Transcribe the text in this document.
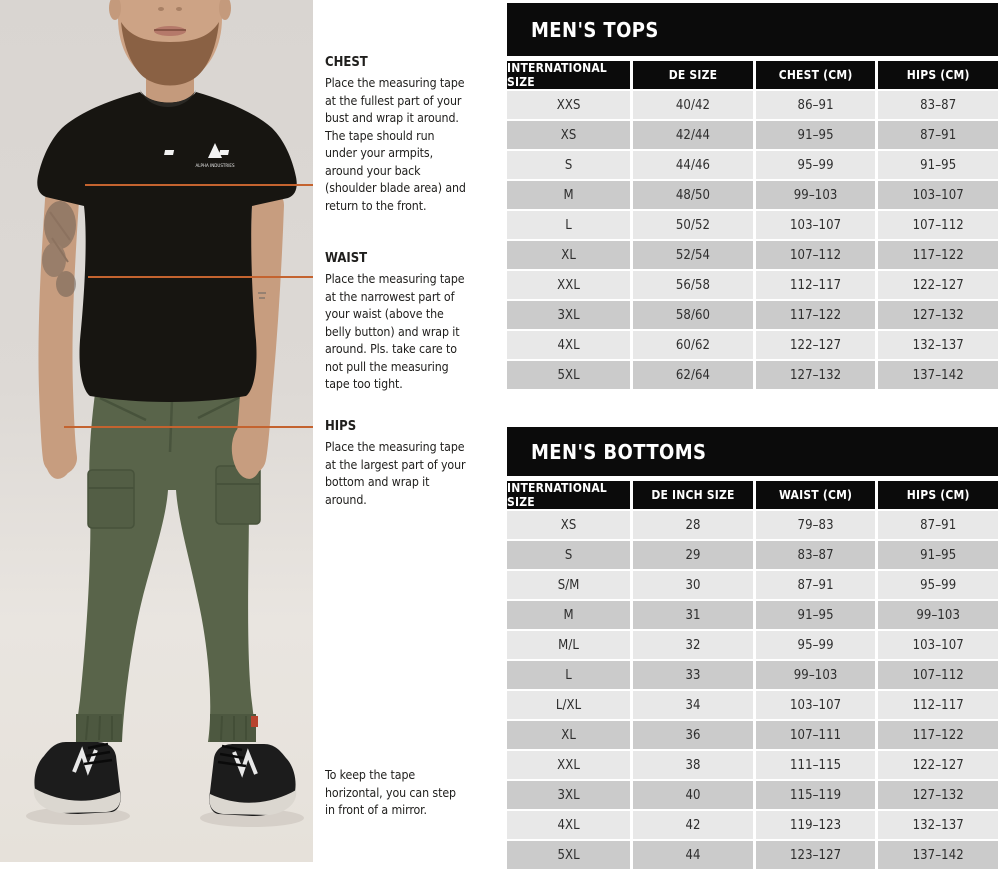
ALPHA INDUSTRIES
CHEST

Place the measuring tape at the fullest part of your bust and wrap it around. The tape should run under your armpits, around your back (shoulder blade area) and return to the front.

WAIST

Place the measuring tape at the narrowest part of your waist (above the belly button) and wrap it around. Pls. take care to not pull the measuring tape too tight.

HIPS

Place the measuring tape at the largest part of your bottom and wrap it around.

To keep the tape horizontal, you can step in front of a mirror.

MEN'S TOPS
INTERNATIONAL SIZE	DE SIZE	CHEST (CM)	HIPS (CM)
XXS	40/42	86–91	83–87
XS	42/44	91–95	87–91
S	44/46	95–99	91–95
M	48/50	99–103	103–107
L	50/52	103–107	107–112
XL	52/54	107–112	117–122
XXL	56/58	112–117	122–127
3XL	58/60	117–122	127–132
4XL	60/62	122–127	132–137
5XL	62/64	127–132	137–142
MEN'S BOTTOMS
INTERNATIONAL SIZE	DE INCH SIZE	WAIST (CM)	HIPS (CM)
XS	28	79–83	87–91
S	29	83–87	91–95
S/M	30	87–91	95–99
M	31	91–95	99–103
M/L	32	95–99	103–107
L	33	99–103	107–112
L/XL	34	103–107	112–117
XL	36	107–111	117–122
XXL	38	111–115	122–127
3XL	40	115–119	127–132
4XL	42	119–123	132–137
5XL	44	123–127	137–142
